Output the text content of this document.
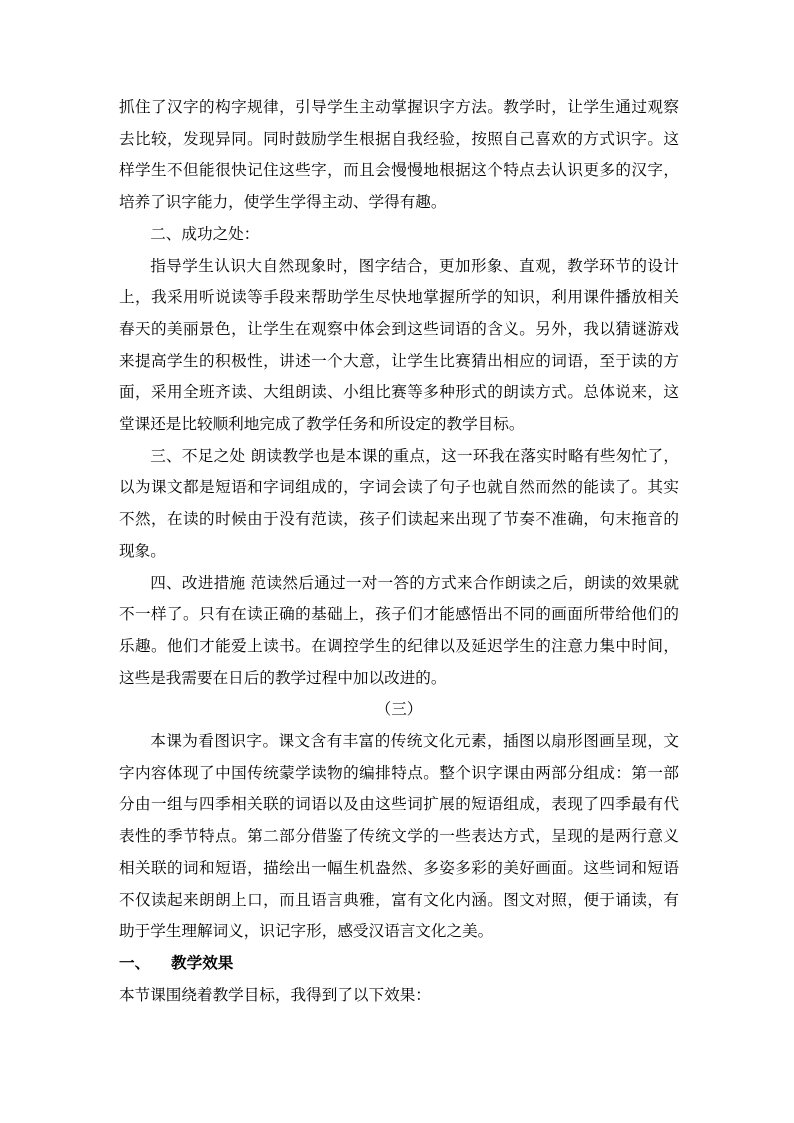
抓住了汉字的构字规律，引导学生主动掌握识字方法。教学时，让学生通过观察去比较，发现异同。同时鼓励学生根据自我经验，按照自己喜欢的方式识字。这样学生不但能很快记住这些字，而且会慢慢地根据这个特点去认识更多的汉字，培养了识字能力，使学生学得主动、学得有趣。

二、成功之处：

指导学生认识大自然现象时，图字结合，更加形象、直观，教学环节的设计上，我采用听说读等手段来帮助学生尽快地掌握所学的知识，利用课件播放相关春天的美丽景色，让学生在观察中体会到这些词语的含义。另外，我以猜谜游戏来提高学生的积极性，讲述一个大意，让学生比赛猜出相应的词语，至于读的方面，采用全班齐读、大组朗读、小组比赛等多种形式的朗读方式。总体说来，这堂课还是比较顺利地完成了教学任务和所设定的教学目标。

三、不足之处 朗读教学也是本课的重点，这一环我在落实时略有些匆忙了，以为课文都是短语和字词组成的，字词会读了句子也就自然而然的能读了。其实不然，在读的时候由于没有范读，孩子们读起来出现了节奏不准确，句末拖音的现象。

四、改进措施 范读然后通过一对一答的方式来合作朗读之后，朗读的效果就不一样了。只有在读正确的基础上，孩子们才能感悟出不同的画面所带给他们的乐趣。他们才能爱上读书。在调控学生的纪律以及延迟学生的注意力集中时间，这些是我需要在日后的教学过程中加以改进的。

（三）

本课为看图识字。课文含有丰富的传统文化元素，插图以扇形图画呈现，文字内容体现了中国传统蒙学读物的编排特点。整个识字课由两部分组成：第一部分由一组与四季相关联的词语以及由这些词扩展的短语组成，表现了四季最有代表性的季节特点。第二部分借鉴了传统文学的一些表达方式，呈现的是两行意义相关联的词和短语，描绘出一幅生机盎然、多姿多彩的美好画面。这些词和短语不仅读起来朗朗上口，而且语言典雅，富有文化内涵。图文对照，便于诵读，有助于学生理解词义，识记字形，感受汉语言文化之美。

一、	教学效果

本节课围绕着教学目标，我得到了以下效果：
